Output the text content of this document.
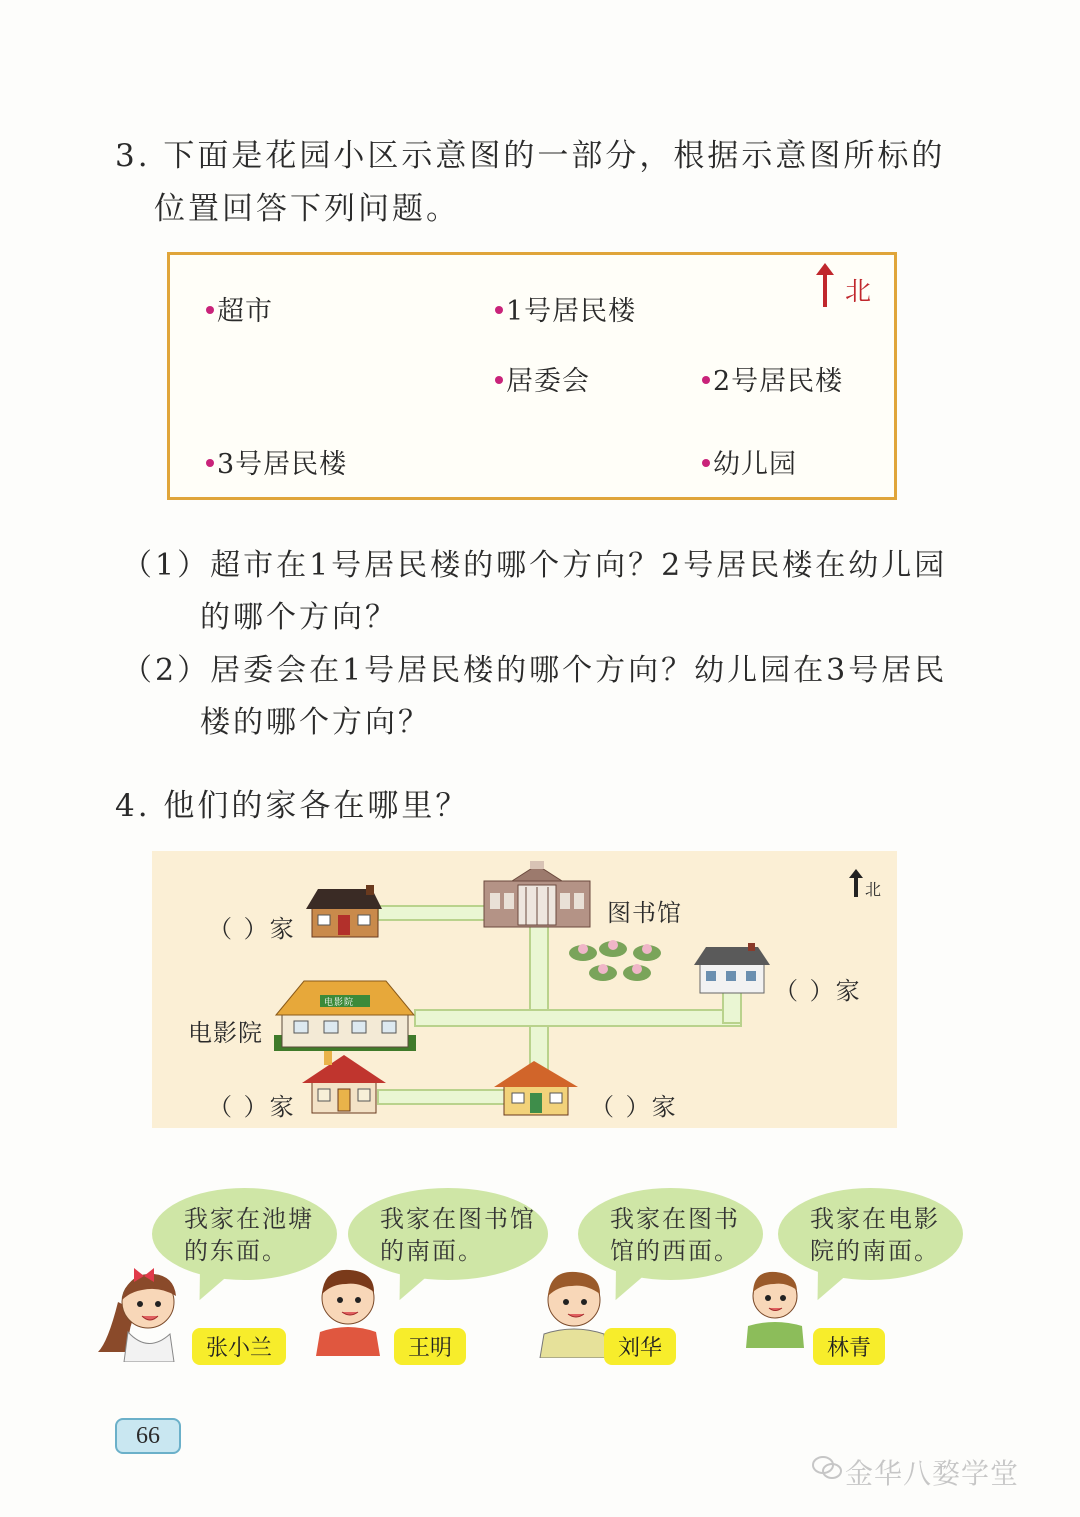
3. 下面是花园小区示意图的一部分，根据示意图所标的
位置回答下列问题。
超市	1号居民楼
居委会	2号居民楼
3号居民楼	幼儿园
北
（1）超市在1号居民楼的哪个方向？2号居民楼在幼儿园
的哪个方向？
（2）居委会在1号居民楼的哪个方向？幼儿园在3号居民
楼的哪个方向？
4. 他们的家各在哪里？
图书馆
电影院
电影院
（ ）家
（ ）家
（ ）家	（ ）家
北
我家在池塘
的东面。
我家在图书馆
的南面。
我家在图书
馆的西面。
我家在电影
院的南面。
张小兰	王明	刘华	林青
66
金华八婺学堂
